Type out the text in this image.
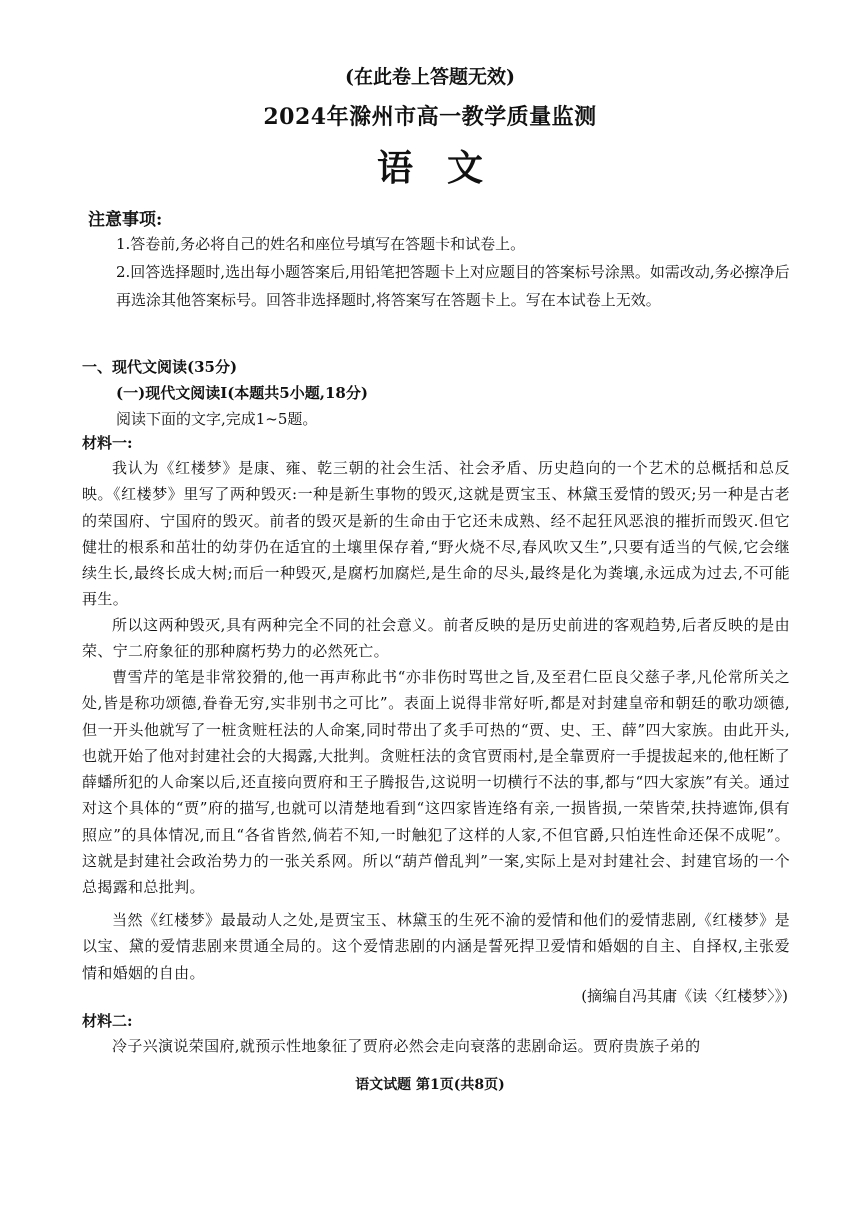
(在此卷上答题无效)
2024年滁州市高一教学质量监测
语文
注意事项:
1.答卷前,务必将自己的姓名和座位号填写在答题卡和试卷上。
2.回答选择题时,选出每小题答案后,用铅笔把答题卡上对应题目的答案标号涂黑。如需改动,务必擦净后再选涂其他答案标号。回答非选择题时,将答案写在答题卡上。写在本试卷上无效。
一、现代文阅读(35分)
(一)现代文阅读Ⅰ(本题共5小题,18分)
阅读下面的文字,完成1~5题。
材料一:
我认为《红楼梦》是康、雍、乾三朝的社会生活、社会矛盾、历史趋向的一个艺术的总概括和总反映。《红楼梦》里写了两种毁灭:一种是新生事物的毁灭,这就是贾宝玉、林黛玉爱情的毁灭;另一种是古老的荣国府、宁国府的毁灭。前者的毁灭是新的生命由于它还未成熟、经不起狂风恶浪的摧折而毁灭.但它健壮的根系和茁壮的幼芽仍在适宜的土壤里保存着,“野火烧不尽,春风吹又生”,只要有适当的气候,它会继续生长,最终长成大树;而后一种毁灭,是腐朽加腐烂,是生命的尽头,最终是化为粪壤,永远成为过去,不可能再生。
所以这两种毁灭,具有两种完全不同的社会意义。前者反映的是历史前进的客观趋势,后者反映的是由荣、宁二府象征的那种腐朽势力的必然死亡。
曹雪芹的笔是非常狡猾的,他一再声称此书“亦非伤时骂世之旨,及至君仁臣良父慈子孝,凡伦常所关之处,皆是称功颂德,眷眷无穷,实非别书之可比”。表面上说得非常好听,都是对封建皇帝和朝廷的歌功颂德,但一开头他就写了一桩贪赃枉法的人命案,同时带出了炙手可热的“贾、史、王、薛”四大家族。由此开头,也就开始了他对封建社会的大揭露,大批判。贪赃枉法的贪官贾雨村,是全靠贾府一手提拔起来的,他枉断了薛蟠所犯的人命案以后,还直接向贾府和王子腾报告,这说明一切横行不法的事,都与“四大家族”有关。通过对这个具体的“贾”府的描写,也就可以清楚地看到“这四家皆连络有亲,一损皆损,一荣皆荣,扶持遮饰,俱有照应”的具体情况,而且“各省皆然,倘若不知,一时触犯了这样的人家,不但官爵,只怕连性命还保不成呢”。这就是封建社会政治势力的一张关系网。所以“葫芦僧乱判”一案,实际上是对封建社会、封建官场的一个总揭露和总批判。
当然《红楼梦》最最动人之处,是贾宝玉、林黛玉的生死不渝的爱情和他们的爱情悲剧,《红楼梦》是以宝、黛的爱情悲剧来贯通全局的。这个爱情悲剧的内涵是誓死捍卫爱情和婚姻的自主、自择权,主张爱情和婚姻的自由。
(摘编自冯其庸《读〈红楼梦〉》)
材料二:
冷子兴演说荣国府,就预示性地象征了贾府必然会走向衰落的悲剧命运。贾府贵族子弟的
语文试题 第1页(共8页)
